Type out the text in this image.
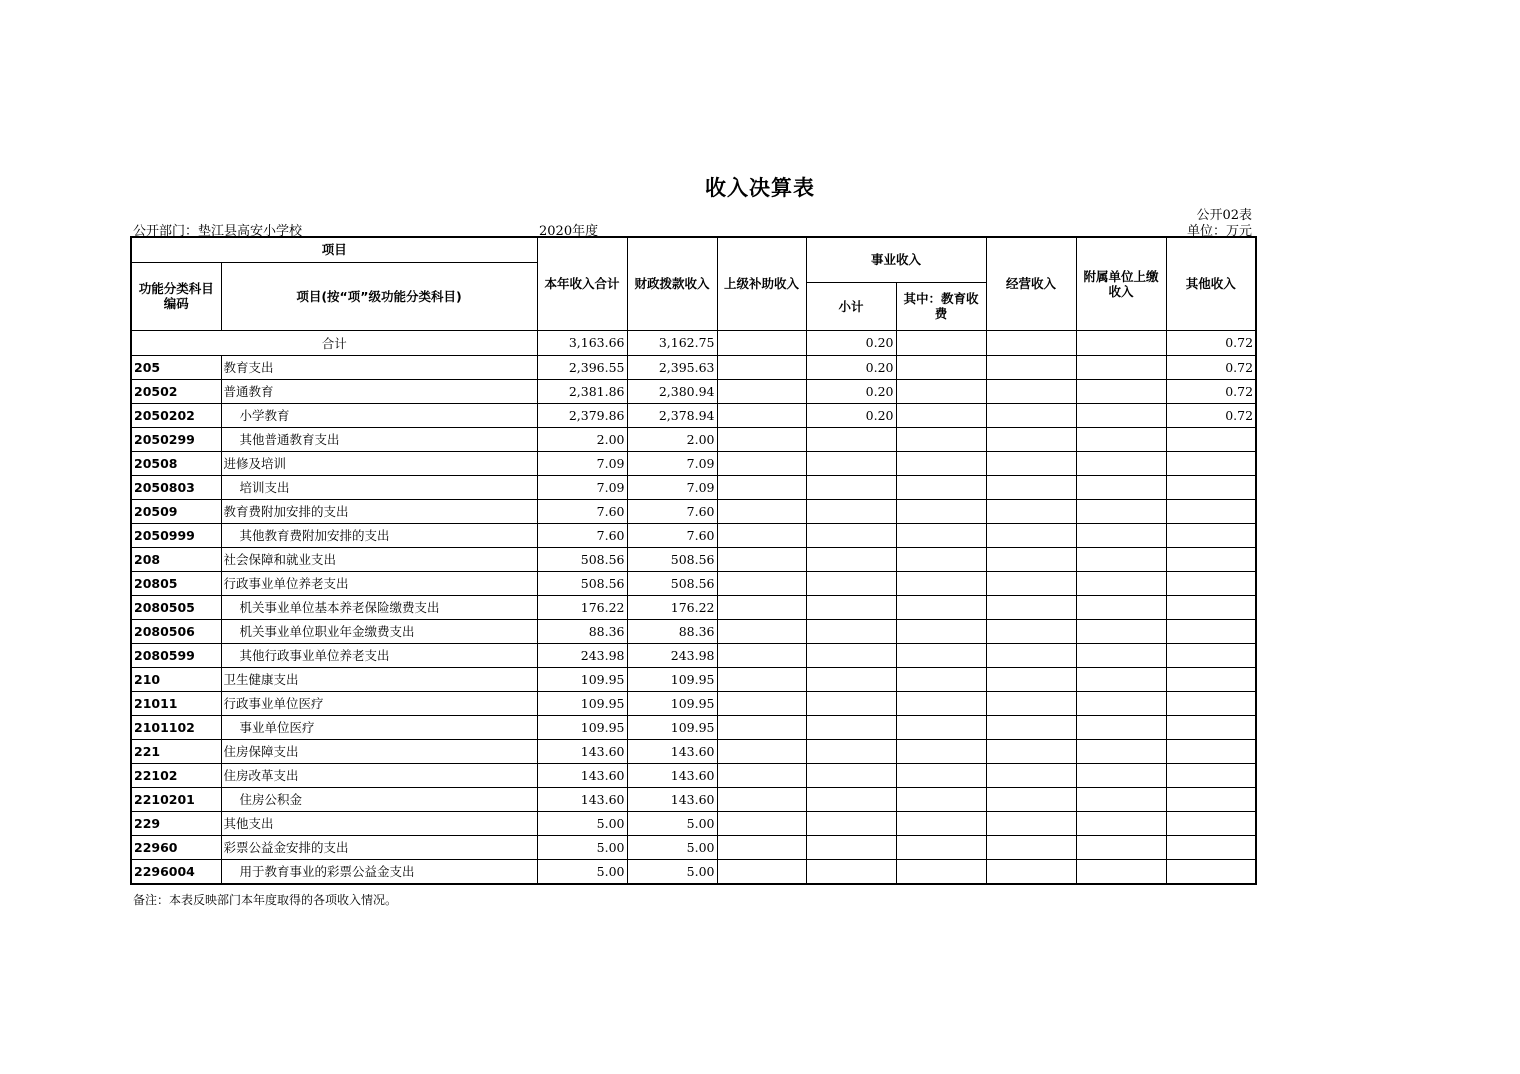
收入决算表
公开部门：垫江县高安小学校	2020年度
公开02表
单位：万元
项目		本年收入合计	财政拨款收入	上级补助收入	事业收入		经营收入	附属单位上缴收入	其他收入
功能分类科目编码	项目(按“项”级功能分类科目)								
					小计	其中：教育收费			
合计		3,163.66	3,162.75		0.20				0.72
205	教育支出	2,396.55	2,395.63		0.20				0.72
20502	普通教育	2,381.86	2,380.94		0.20				0.72
2050202	小学教育	2,379.86	2,378.94		0.20				0.72
2050299	其他普通教育支出	2.00	2.00						
20508	进修及培训	7.09	7.09						
2050803	培训支出	7.09	7.09						
20509	教育费附加安排的支出	7.60	7.60						
2050999	其他教育费附加安排的支出	7.60	7.60						
208	社会保障和就业支出	508.56	508.56						
20805	行政事业单位养老支出	508.56	508.56						
2080505	机关事业单位基本养老保险缴费支出	176.22	176.22						
2080506	机关事业单位职业年金缴费支出	88.36	88.36						
2080599	其他行政事业单位养老支出	243.98	243.98						
210	卫生健康支出	109.95	109.95						
21011	行政事业单位医疗	109.95	109.95						
2101102	事业单位医疗	109.95	109.95						
221	住房保障支出	143.60	143.60						
22102	住房改革支出	143.60	143.60						
2210201	住房公积金	143.60	143.60						
229	其他支出	5.00	5.00						
22960	彩票公益金安排的支出	5.00	5.00						
2296004	用于教育事业的彩票公益金支出	5.00	5.00						
备注：本表反映部门本年度取得的各项收入情况。
